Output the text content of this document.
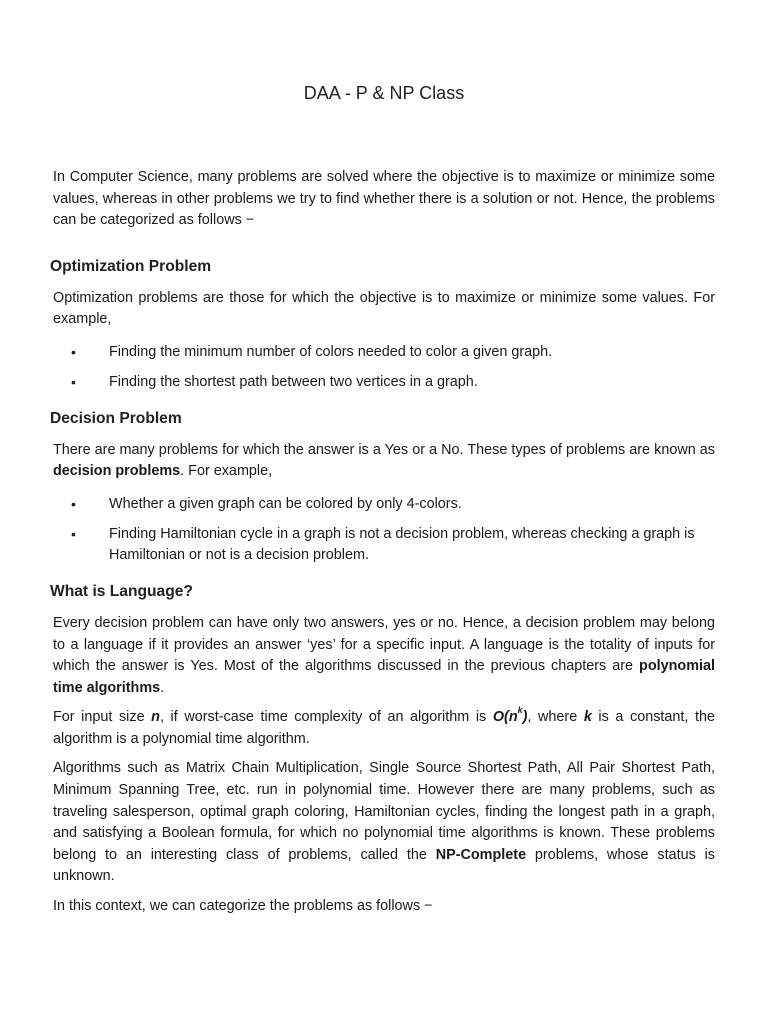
DAA - P & NP Class

In Computer Science, many problems are solved where the objective is to maximize or minimize some values, whereas in other problems we try to find whether there is a solution or not. Hence, the problems can be categorized as follows −

Optimization Problem

Optimization problems are those for which the objective is to maximize or minimize some values. For example,

• Finding the minimum number of colors needed to color a given graph.
• Finding the shortest path between two vertices in a graph.
Decision Problem

There are many problems for which the answer is a Yes or a No. These types of problems are known as decision problems. For example,

• Whether a given graph can be colored by only 4-colors.
• Finding Hamiltonian cycle in a graph is not a decision problem, whereas checking a graph is Hamiltonian or not is a decision problem.
What is Language?

Every decision problem can have only two answers, yes or no. Hence, a decision problem may belong to a language if it provides an answer ‘yes’ for a specific input. A language is the totality of inputs for which the answer is Yes. Most of the algorithms discussed in the previous chapters are polynomial time algorithms.

For input size n, if worst-case time complexity of an algorithm is $O(n^k)$, where k is a constant, the algorithm is a polynomial time algorithm.

Algorithms such as Matrix Chain Multiplication, Single Source Shortest Path, All Pair Shortest Path, Minimum Spanning Tree, etc. run in polynomial time. However there are many problems, such as traveling salesperson, optimal graph coloring, Hamiltonian cycles, finding the longest path in a graph, and satisfying a Boolean formula, for which no polynomial time algorithms is known. These problems belong to an interesting class of problems, called the NP-Complete problems, whose status is unknown.

In this context, we can categorize the problems as follows −
